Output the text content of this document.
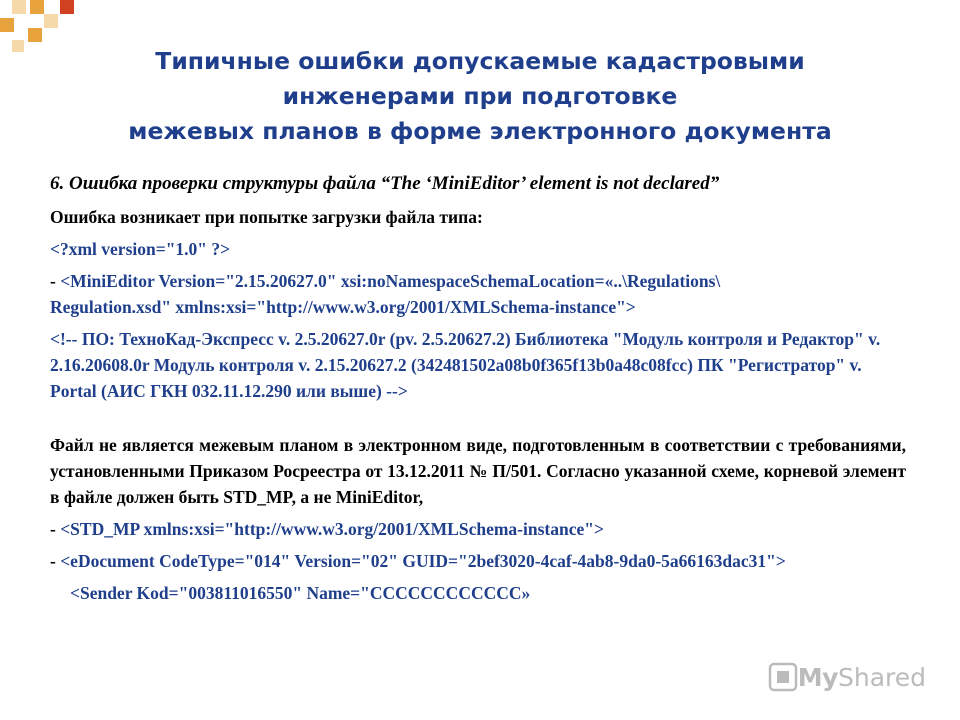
Типичные ошибки допускаемые кадастровыми
инженерами при подготовке
межевых планов в форме электронного документа
6. Ошибка проверки структуры файла “The ‘MiniEditor’ element is not declared”
Ошибка возникает при попытке загрузки файла типа:
<?xml version="1.0" ?>
- <MiniEditor Version="2.15.20627.0" xsi:noNamespaceSchemaLocation=«..\Regulations\
Regulation.xsd" xmlns:xsi="http://www.w3.org/2001/XMLSchema-instance">
<!-- ПО: ТехноКад-Экспресс v. 2.5.20627.0r (pv. 2.5.20627.2) Библиотека "Модуль контроля и Редактор" v. 2.16.20608.0r Модуль контроля v. 2.15.20627.2 (342481502a08b0f365f13b0a48c08fcc) ПК "Регистратор" v. Portal (АИС ГКН 032.11.12.290 или выше) -->
Файл не является межевым планом в электронном виде, подготовленным в соответствии с требованиями, установленными Приказом Росреестра от 13.12.2011 № П/501. Согласно указанной схеме, корневой элемент в файле должен быть STD_MP, а не MiniEditor,
- <STD_MP xmlns:xsi="http://www.w3.org/2001/XMLSchema-instance">
- <eDocument CodeType="014" Version="02" GUID="2bef3020-4caf-4ab8-9da0-5a66163dac31">
<Sender Kod="003811016550" Name="СССССССССССС»
My Shared
